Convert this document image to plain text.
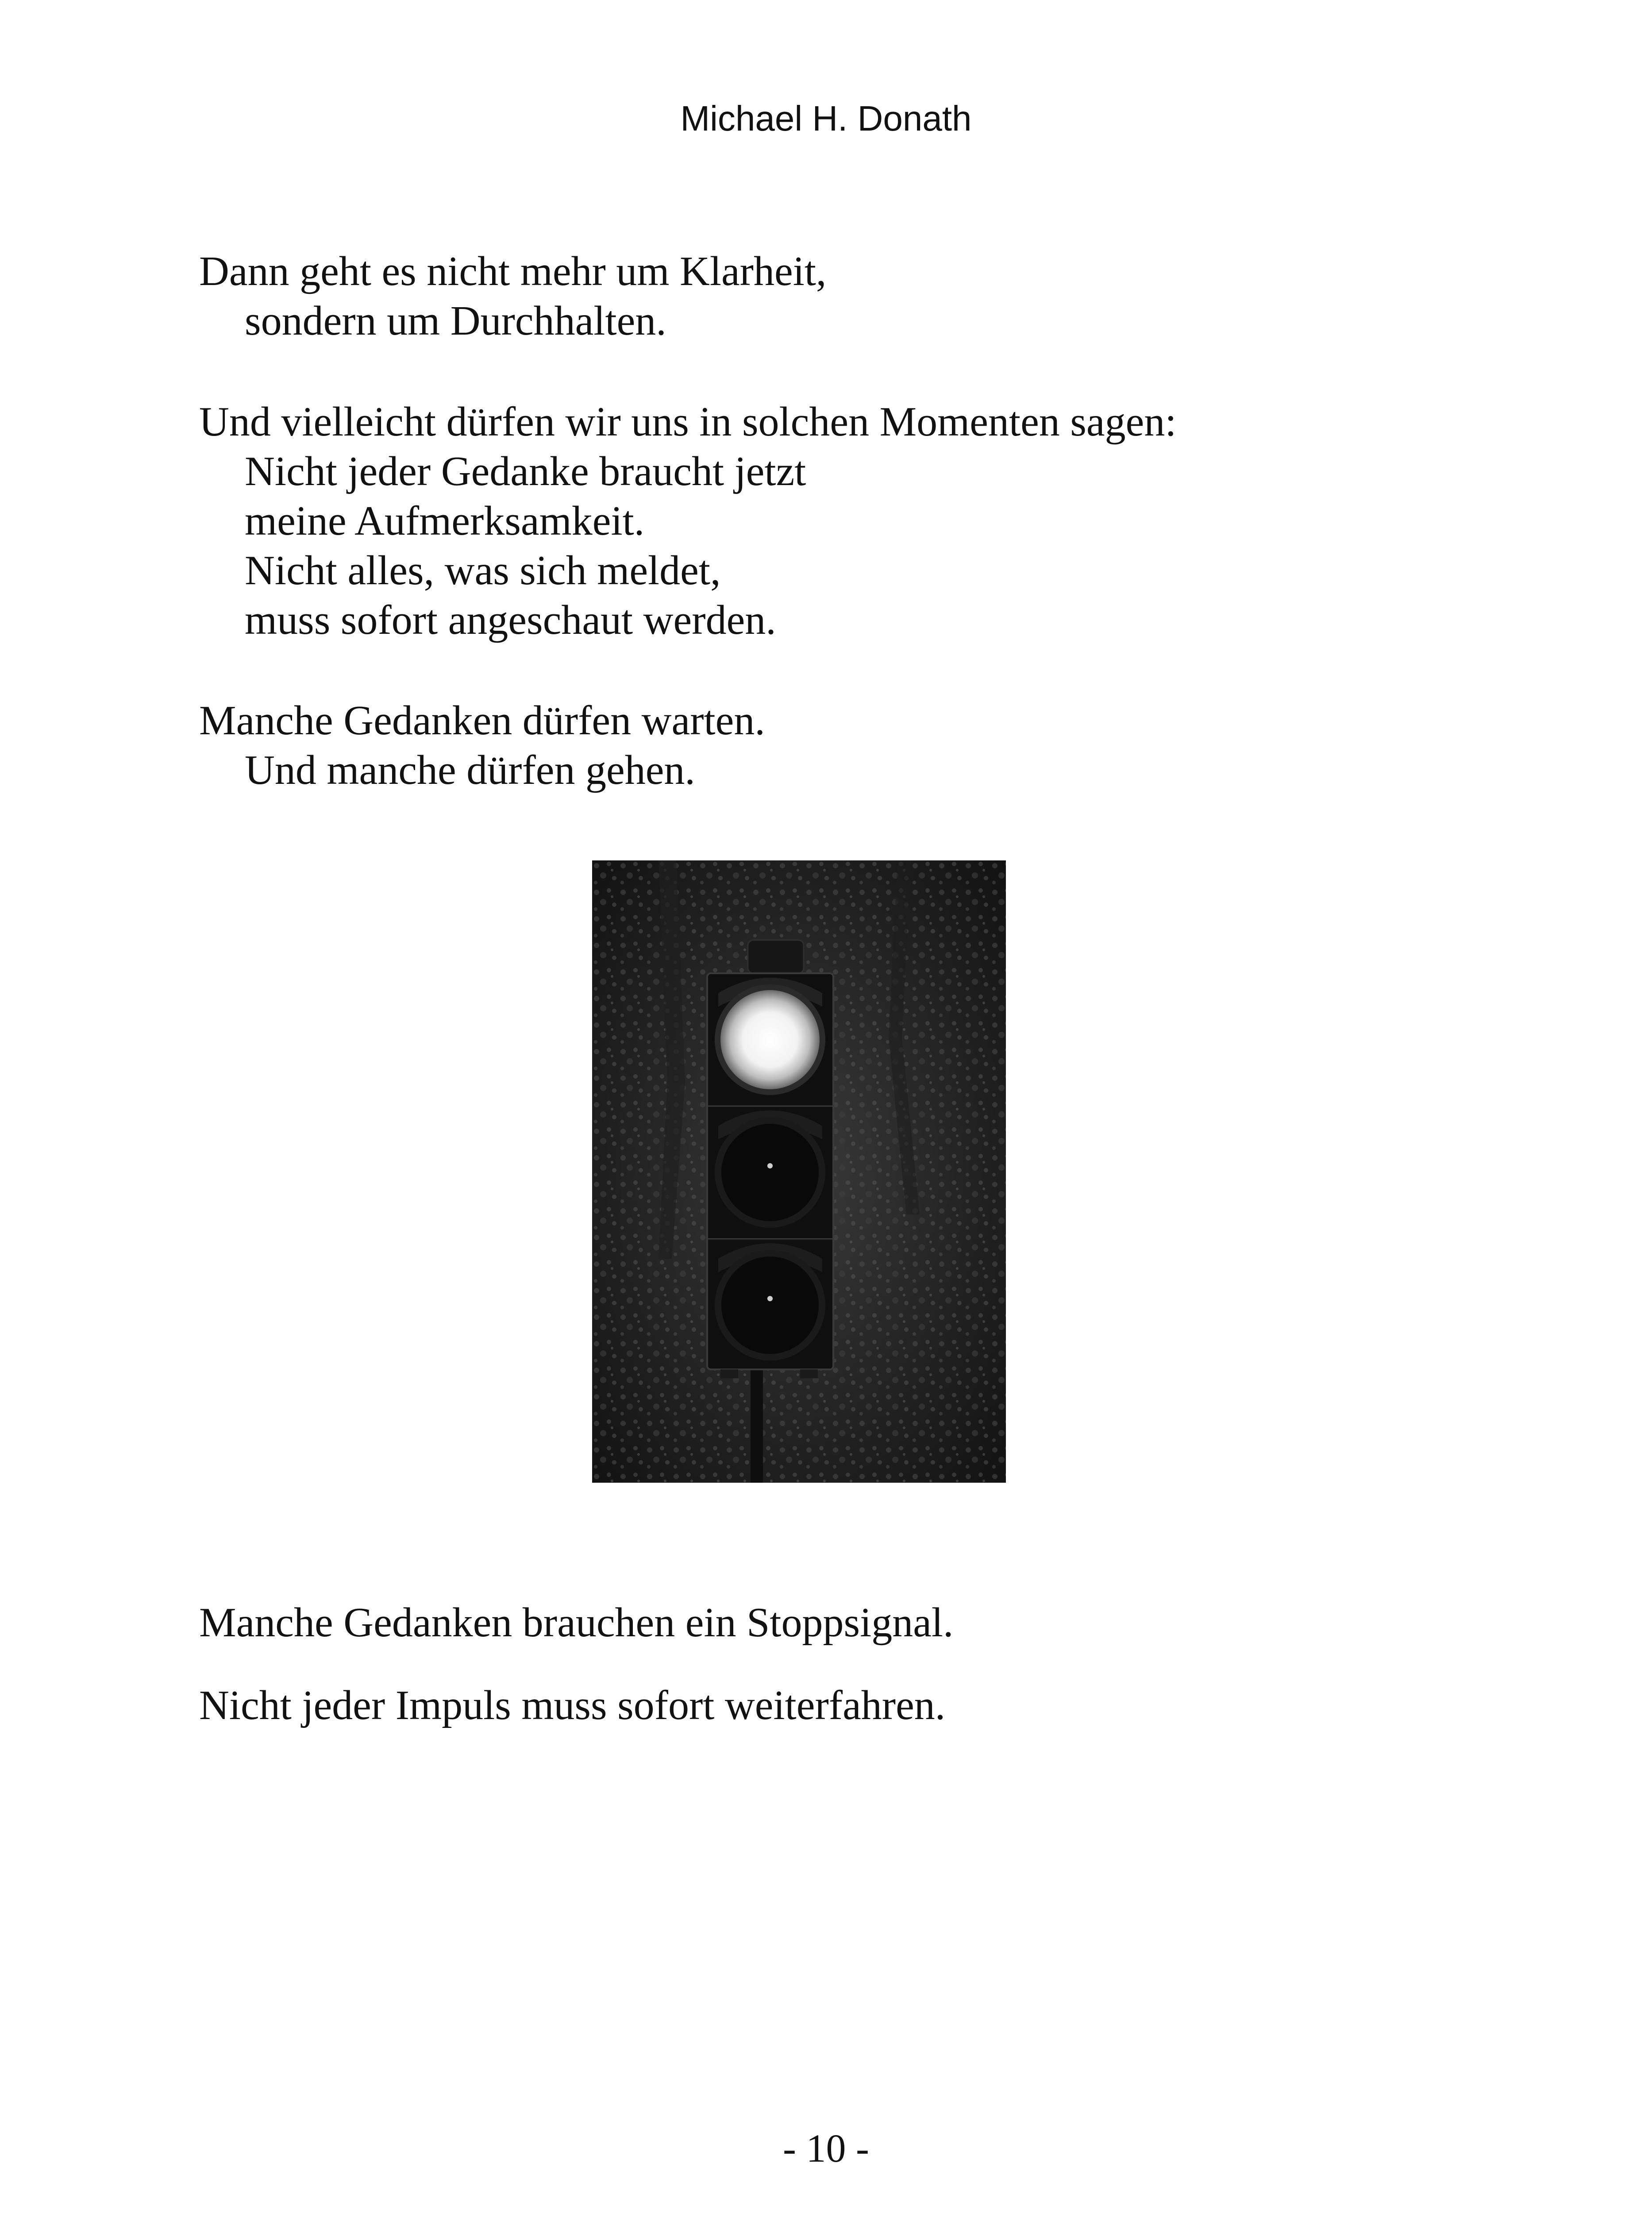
Michael H. Donath
Dann geht es nicht mehr um Klarheit,
sondern um Durchhalten.
Und vielleicht dürfen wir uns in solchen Momenten sagen:
Nicht jeder Gedanke braucht jetzt
meine Aufmerksamkeit.
Nicht alles, was sich meldet,
muss sofort angeschaut werden.
Manche Gedanken dürfen warten.
Und manche dürfen gehen.
Manche Gedanken brauchen ein Stoppsignal.
Nicht jeder Impuls muss sofort weiterfahren.
- 10 -
